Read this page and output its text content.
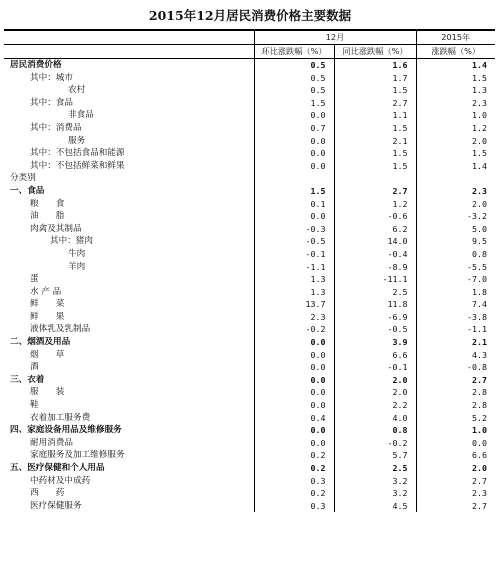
2015年12月居民消费价格主要数据
	12月		2015年
	环比涨跌幅（%）	同比涨跌幅（%）	涨跌幅（%）
居民消费价格	0.5	1.6	1.4
其中：城市	0.5	1.7	1.5
农村	0.5	1.5	1.3
其中：食品	1.5	2.7	2.3
非食品	0.0	1.1	1.0
其中：消费品	0.7	1.5	1.2
服务	0.0	2.1	2.0
其中：不包括食品和能源	0.0	1.5	1.5
其中：不包括鲜菜和鲜果	0.0	1.5	1.4
分类别			
一、食品	1.5	2.7	2.3
粮　　食	0.1	1.2	2.0
油　　脂	0.0	-0.6	-3.2
肉禽及其制品	-0.3	6.2	5.0
其中：猪肉	-0.5	14.0	9.5
牛肉	-0.1	-0.4	0.8
羊肉	-1.1	-8.9	-5.5
蛋	1.3	-11.1	-7.0
水 产 品	1.3	2.5	1.8
鲜　　菜	13.7	11.8	7.4
鲜　　果	2.3	-6.9	-3.8
液体乳及乳制品	-0.2	-0.5	-1.1
二、烟酒及用品	0.0	3.9	2.1
烟　　草	0.0	6.6	4.3
酒	0.0	-0.1	-0.8
三、衣着	0.0	2.0	2.7
服　　装	0.0	2.0	2.8
鞋	0.0	2.2	2.8
衣着加工服务费	0.4	4.0	5.2
四、家庭设备用品及维修服务	0.0	0.8	1.0
耐用消费品	0.0	-0.2	0.0
家庭服务及加工维修服务	0.2	5.7	6.6
五、医疗保健和个人用品	0.2	2.5	2.0
中药材及中成药	0.3	3.2	2.7
西　　药	0.2	3.2	2.3
医疗保健服务	0.3	4.5	2.7
